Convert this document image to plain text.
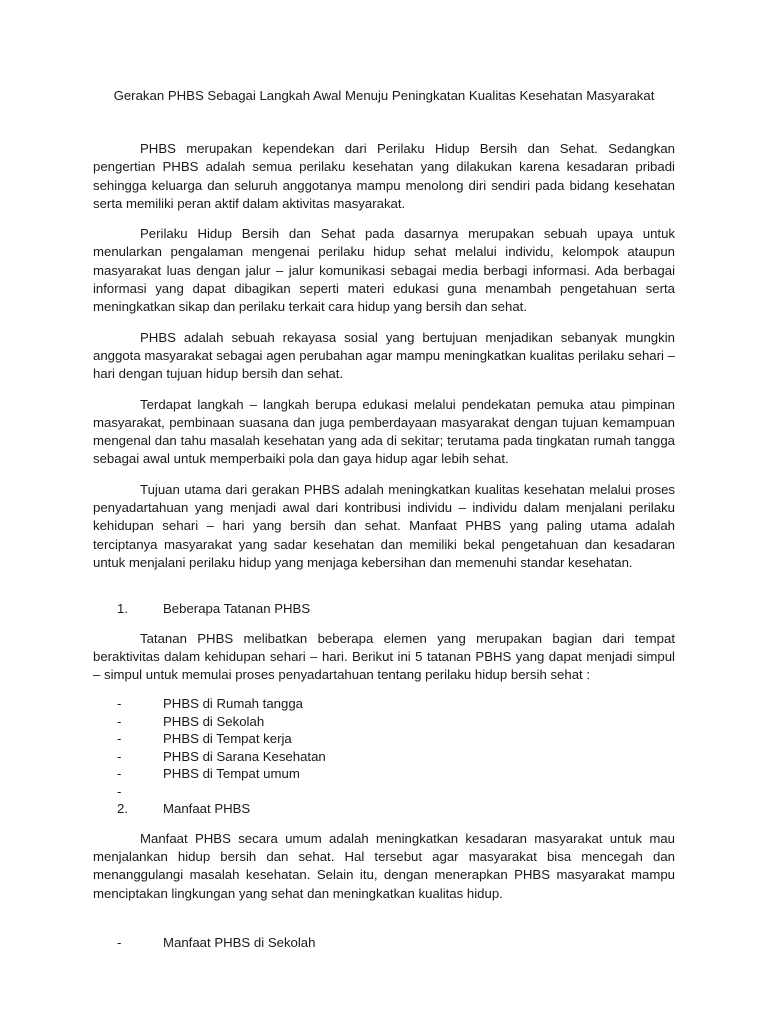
Gerakan PHBS Sebagai Langkah Awal Menuju Peningkatan Kualitas Kesehatan Masyarakat

PHBS merupakan kependekan dari Perilaku Hidup Bersih dan Sehat. Sedangkan pengertian PHBS adalah semua perilaku kesehatan yang dilakukan karena kesadaran pribadi sehingga keluarga dan seluruh anggotanya mampu menolong diri sendiri pada bidang kesehatan serta memiliki peran aktif dalam aktivitas masyarakat.

Perilaku Hidup Bersih dan Sehat pada dasarnya merupakan sebuah upaya untuk menularkan pengalaman mengenai perilaku hidup sehat melalui individu, kelompok ataupun masyarakat luas dengan jalur – jalur komunikasi sebagai media berbagi informasi. Ada berbagai informasi yang dapat dibagikan seperti materi edukasi guna menambah pengetahuan serta meningkatkan sikap dan perilaku terkait cara hidup yang bersih dan sehat.

PHBS adalah sebuah rekayasa sosial yang bertujuan menjadikan sebanyak mungkin anggota masyarakat sebagai agen perubahan agar mampu meningkatkan kualitas perilaku sehari – hari dengan tujuan hidup bersih dan sehat.

Terdapat langkah – langkah berupa edukasi melalui pendekatan pemuka atau pimpinan masyarakat, pembinaan suasana dan juga pemberdayaan masyarakat dengan tujuan kemampuan mengenal dan tahu masalah kesehatan yang ada di sekitar; terutama pada tingkatan rumah tangga sebagai awal untuk memperbaiki pola dan gaya hidup agar lebih sehat.

Tujuan utama dari gerakan PHBS adalah meningkatkan kualitas kesehatan melalui proses penyadartahuan yang menjadi awal dari kontribusi individu – individu dalam menjalani perilaku kehidupan sehari – hari yang bersih dan sehat. Manfaat PHBS yang paling utama adalah terciptanya masyarakat yang sadar kesehatan dan memiliki bekal pengetahuan dan kesadaran untuk menjalani perilaku hidup yang menjaga kebersihan dan memenuhi standar kesehatan.

1.	Beberapa Tatanan PHBS

Tatanan PHBS melibatkan beberapa elemen yang merupakan bagian dari tempat beraktivitas dalam kehidupan sehari – hari. Berikut ini 5 tatanan PBHS yang dapat menjadi simpul – simpul untuk memulai proses penyadartahuan tentang perilaku hidup bersih sehat :

-	PHBS di Rumah tangga
-	PHBS di Sekolah
-	PHBS di Tempat kerja
-	PHBS di Sarana Kesehatan
-	PHBS di Tempat umum
-
2.	Manfaat PHBS

Manfaat PHBS secara umum adalah meningkatkan kesadaran masyarakat untuk mau menjalankan hidup bersih dan sehat. Hal tersebut agar masyarakat bisa mencegah dan menanggulangi masalah kesehatan. Selain itu, dengan menerapkan PHBS masyarakat mampu menciptakan lingkungan yang sehat dan meningkatkan kualitas hidup.

-	Manfaat PHBS di Sekolah
